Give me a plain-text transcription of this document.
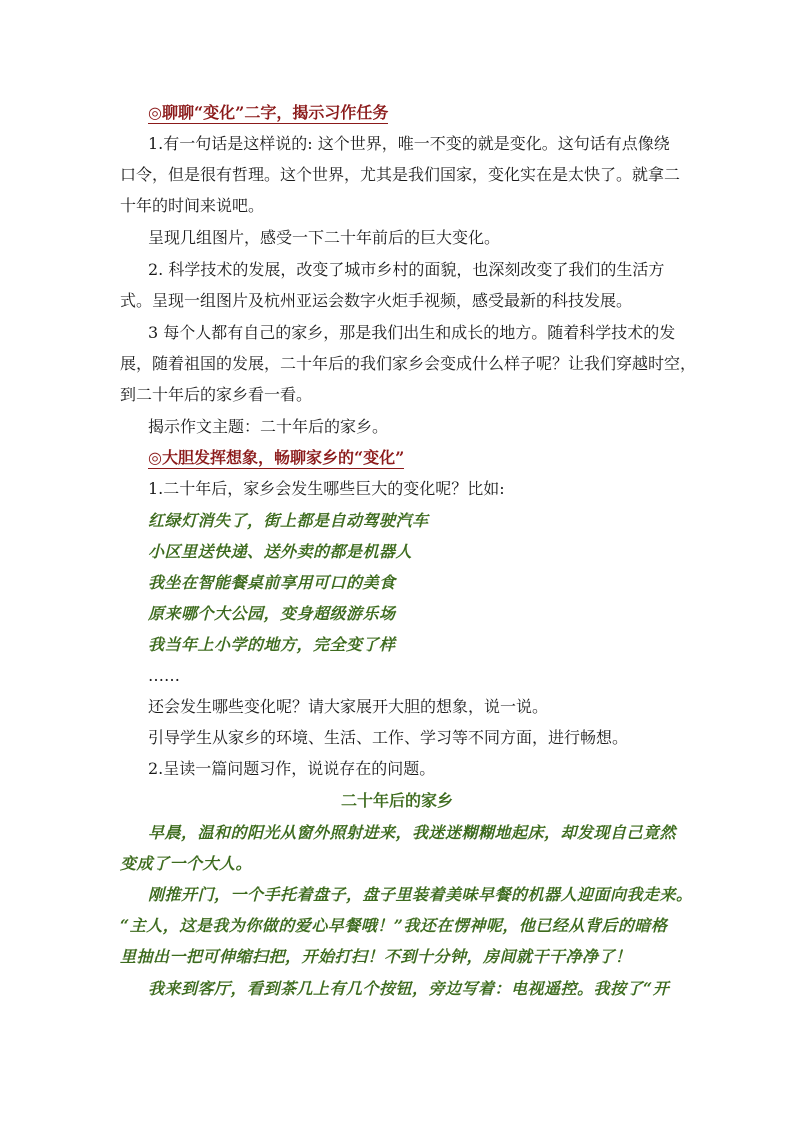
◎聊聊“变化”二字，揭示习作任务
1.有一句话是这样说的: 这个世界，唯一不变的就是变化。这句话有点像绕
口令，但是很有哲理。这个世界，尤其是我们国家，变化实在是太快了。就拿二
十年的时间来说吧。
呈现几组图片，感受一下二十年前后的巨大变化。
2. 科学技术的发展，改变了城市乡村的面貌，也深刻改变了我们的生活方
式。呈现一组图片及杭州亚运会数字火炬手视频，感受最新的科技发展。
3 每个人都有自己的家乡，那是我们出生和成长的地方。随着科学技术的发
展，随着祖国的发展，二十年后的我们家乡会变成什么样子呢？让我们穿越时空，
到二十年后的家乡看一看。
揭示作文主题：二十年后的家乡。
◎大胆发挥想象，畅聊家乡的“变化”
1.二十年后，家乡会发生哪些巨大的变化呢？比如:
红绿灯消失了，街上都是自动驾驶汽车
小区里送快递、送外卖的都是机器人
我坐在智能餐桌前享用可口的美食
原来哪个大公园，变身超级游乐场
我当年上小学的地方，完全变了样
……
还会发生哪些变化呢？请大家展开大胆的想象，说一说。
引导学生从家乡的环境、生活、工作、学习等不同方面，进行畅想。
2.呈读一篇问题习作，说说存在的问题。
二十年后的家乡
早晨，温和的阳光从窗外照射进来，我迷迷糊糊地起床，却发现自己竟然
变成了一个大人。
刚推开门，一个手托着盘子，盘子里装着美味早餐的机器人迎面向我走来。
“主人，这是我为你做的爱心早餐哦！”我还在愣神呢，他已经从背后的暗格
里抽出一把可伸缩扫把，开始打扫！不到十分钟，房间就干干净净了！
我来到客厅，看到茶几上有几个按钮，旁边写着：电视遥控。我按了“开
